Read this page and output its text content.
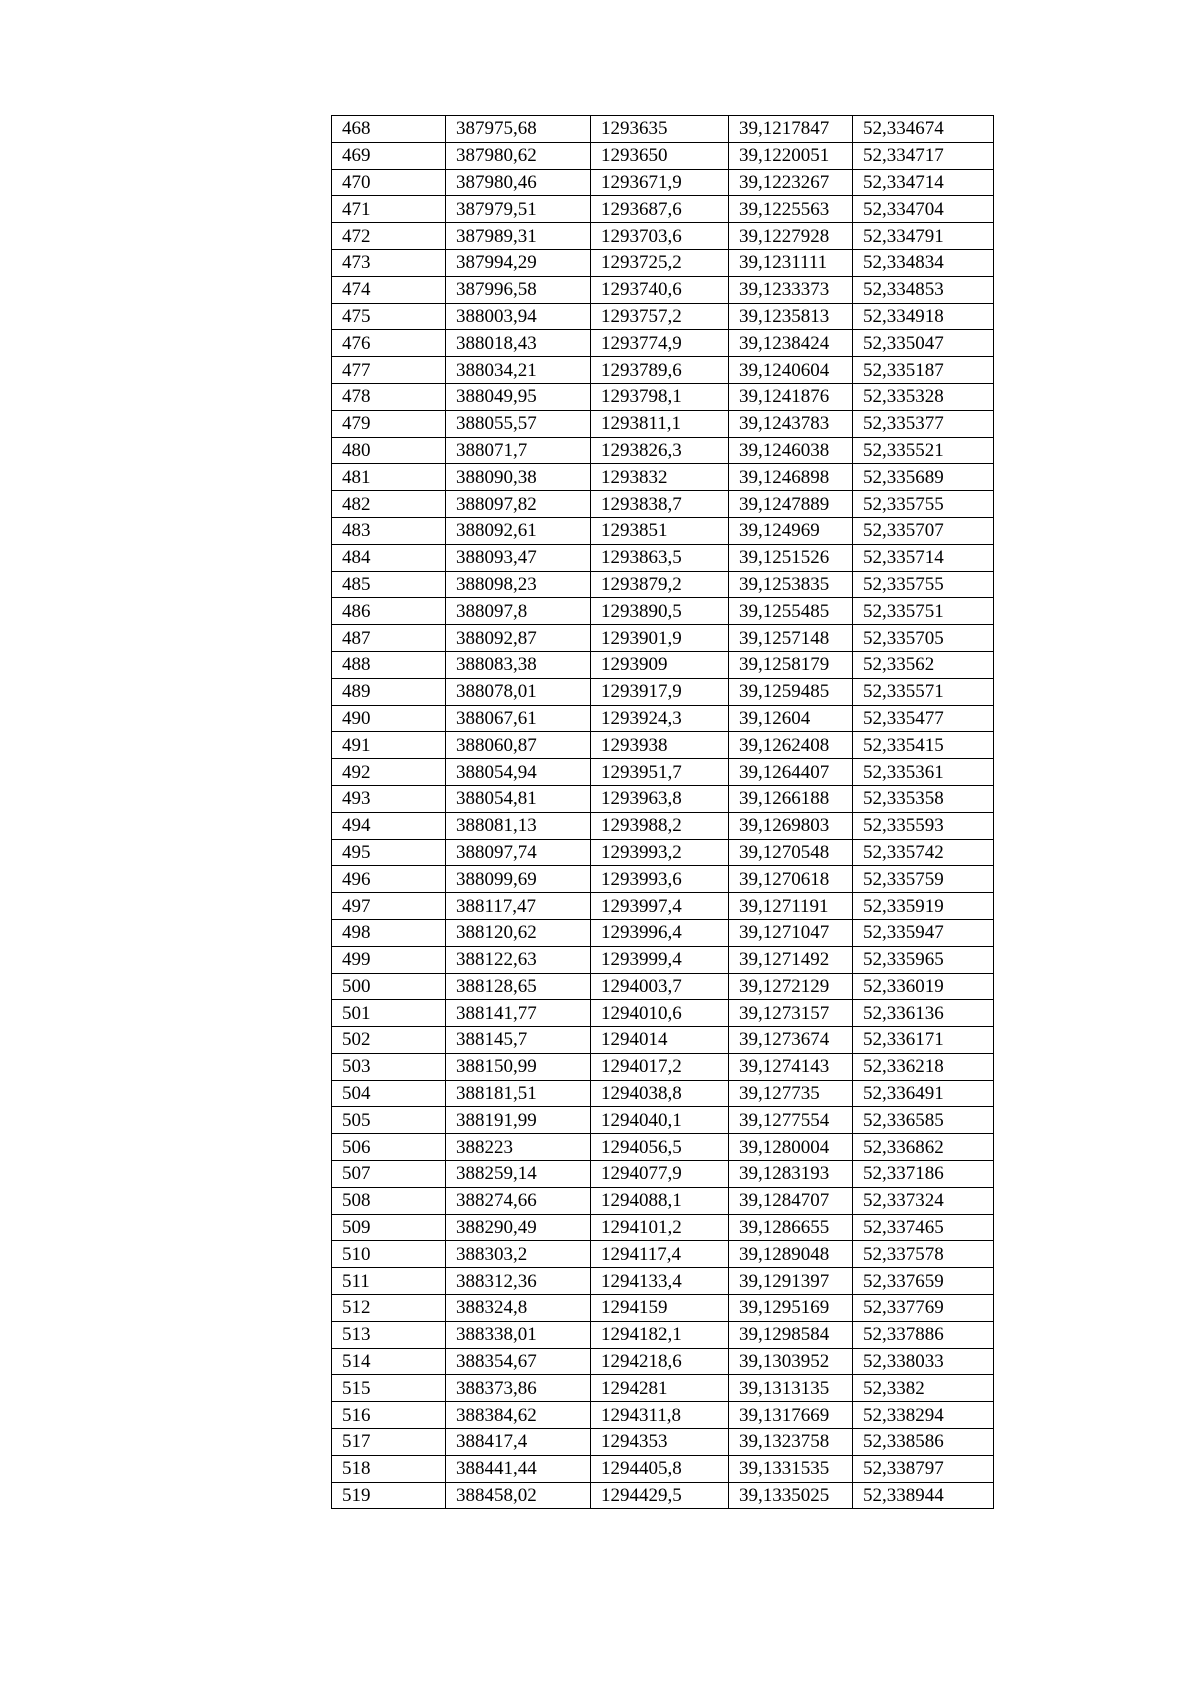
468	387975,68	1293635	39,1217847	52,334674
469	387980,62	1293650	39,1220051	52,334717
470	387980,46	1293671,9	39,1223267	52,334714
471	387979,51	1293687,6	39,1225563	52,334704
472	387989,31	1293703,6	39,1227928	52,334791
473	387994,29	1293725,2	39,1231111	52,334834
474	387996,58	1293740,6	39,1233373	52,334853
475	388003,94	1293757,2	39,1235813	52,334918
476	388018,43	1293774,9	39,1238424	52,335047
477	388034,21	1293789,6	39,1240604	52,335187
478	388049,95	1293798,1	39,1241876	52,335328
479	388055,57	1293811,1	39,1243783	52,335377
480	388071,7	1293826,3	39,1246038	52,335521
481	388090,38	1293832	39,1246898	52,335689
482	388097,82	1293838,7	39,1247889	52,335755
483	388092,61	1293851	39,124969	52,335707
484	388093,47	1293863,5	39,1251526	52,335714
485	388098,23	1293879,2	39,1253835	52,335755
486	388097,8	1293890,5	39,1255485	52,335751
487	388092,87	1293901,9	39,1257148	52,335705
488	388083,38	1293909	39,1258179	52,33562
489	388078,01	1293917,9	39,1259485	52,335571
490	388067,61	1293924,3	39,12604	52,335477
491	388060,87	1293938	39,1262408	52,335415
492	388054,94	1293951,7	39,1264407	52,335361
493	388054,81	1293963,8	39,1266188	52,335358
494	388081,13	1293988,2	39,1269803	52,335593
495	388097,74	1293993,2	39,1270548	52,335742
496	388099,69	1293993,6	39,1270618	52,335759
497	388117,47	1293997,4	39,1271191	52,335919
498	388120,62	1293996,4	39,1271047	52,335947
499	388122,63	1293999,4	39,1271492	52,335965
500	388128,65	1294003,7	39,1272129	52,336019
501	388141,77	1294010,6	39,1273157	52,336136
502	388145,7	1294014	39,1273674	52,336171
503	388150,99	1294017,2	39,1274143	52,336218
504	388181,51	1294038,8	39,127735	52,336491
505	388191,99	1294040,1	39,1277554	52,336585
506	388223	1294056,5	39,1280004	52,336862
507	388259,14	1294077,9	39,1283193	52,337186
508	388274,66	1294088,1	39,1284707	52,337324
509	388290,49	1294101,2	39,1286655	52,337465
510	388303,2	1294117,4	39,1289048	52,337578
511	388312,36	1294133,4	39,1291397	52,337659
512	388324,8	1294159	39,1295169	52,337769
513	388338,01	1294182,1	39,1298584	52,337886
514	388354,67	1294218,6	39,1303952	52,338033
515	388373,86	1294281	39,1313135	52,3382
516	388384,62	1294311,8	39,1317669	52,338294
517	388417,4	1294353	39,1323758	52,338586
518	388441,44	1294405,8	39,1331535	52,338797
519	388458,02	1294429,5	39,1335025	52,338944
